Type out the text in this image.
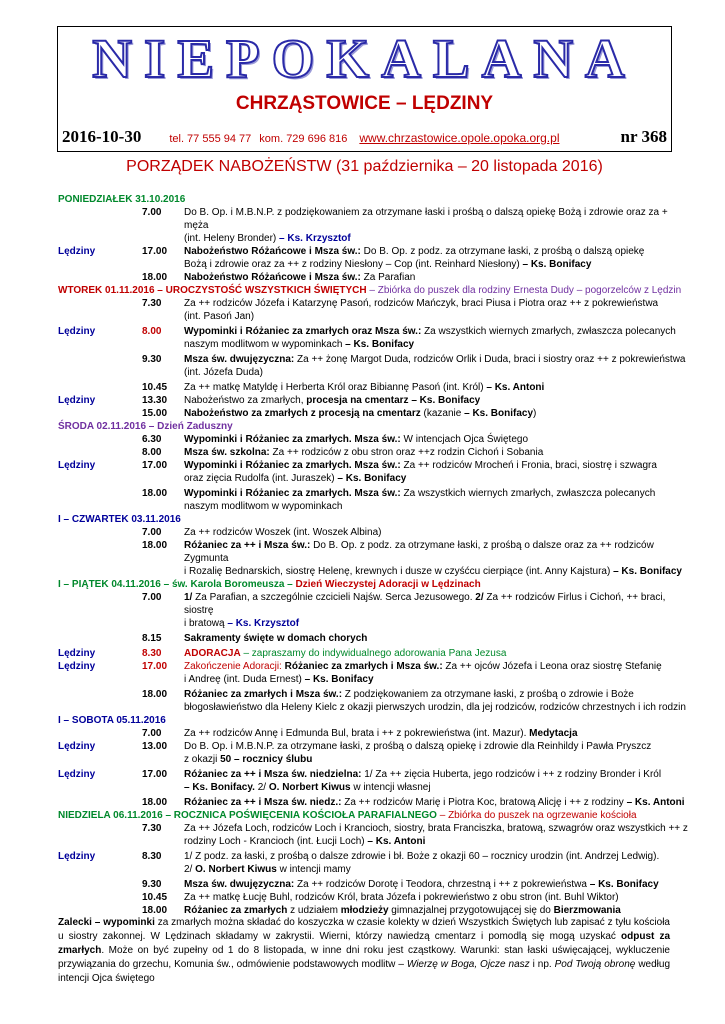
NIEPOKALANA
CHRZĄSTOWICE – LĘDZINY
2016-10-30	tel. 77 555 94 77 kom. 729 696 816 www.chrzastowice.opole.opoka.org.pl	nr 368
PORZĄDEK NABOŻEŃSTW (31 października – 20 listopada 2016)
PONIEDZIAŁEK 31.10.2016
7.00	Do B. Op. i M.B.N.P. z podziękowaniem za otrzymane łaski i prośbą o dalszą opiekę Bożą i zdrowie oraz za + męża
(int. Heleny Bronder) – Ks. Krzysztof
Lędziny	17.00	Nabożeństwo Różańcowe i Msza św.: Do B. Op. z podz. za otrzymane łaski, z prośbą o dalszą opiekę
Bożą i zdrowie oraz za ++ z rodziny Niesłony – Cop (int. Reinhard Niesłony) – Ks. Bonifacy
18.00	Nabożeństwo Różańcowe i Msza św.: Za Parafian
WTOREK 01.11.2016 – UROCZYSTOŚĆ WSZYSTKICH ŚWIĘTYCH – Zbiórka do puszek dla rodziny Ernesta Dudy – pogorzelców z Lędzin
7.30	Za ++ rodziców Józefa i Katarzynę Pasoń, rodziców Mańczyk, braci Piusa i Piotra oraz ++ z pokrewieństwa
(int. Pasoń Jan)
Lędziny	8.00	Wypominki i Różaniec za zmarłych oraz Msza św.: Za wszystkich wiernych zmarłych, zwłaszcza polecanych
naszym modlitwom w wypominkach – Ks. Bonifacy
9.30	Msza św. dwujęzyczna: Za ++ żonę Margot Duda, rodziców Orlik i Duda, braci i siostry oraz ++ z pokrewieństwa
(int. Józefa Duda)
10.45	Za ++ matkę Matyldę i Herberta Król oraz Bibiannę Pasoń (int. Król) – Ks. Antoni
Lędziny	13.30	Nabożeństwo za zmarłych, procesja na cmentarz – Ks. Bonifacy
15.00	Nabożeństwo za zmarłych z procesją na cmentarz (kazanie – Ks. Bonifacy)
ŚRODA 02.11.2016 – Dzień Zaduszny
6.30	Wypominki i Różaniec za zmarłych. Msza św.: W intencjach Ojca Świętego
8.00	Msza św. szkolna: Za ++ rodziców z obu stron oraz ++z rodzin Cichoń i Sobania
Lędziny	17.00	Wypominki i Różaniec za zmarłych. Msza św.: Za ++ rodziców Mrocheń i Fronia, braci, siostrę i szwagra
oraz zięcia Rudolfa (int. Juraszek) – Ks. Bonifacy
18.00	Wypominki i Różaniec za zmarłych. Msza św.: Za wszystkich wiernych zmarłych, zwłaszcza polecanych
naszym modlitwom w wypominkach
I – CZWARTEK 03.11.2016
7.00	Za ++ rodziców Woszek (int. Woszek Albina)
18.00	Różaniec za ++ i Msza św.: Do B. Op. z podz. za otrzymane łaski, z prośbą o dalsze oraz za ++ rodziców Zygmunta
i Rozalię Bednarskich, siostrę Helenę, krewnych i dusze w czyśćcu cierpiące (int. Anny Kajstura) – Ks. Bonifacy
I – PIĄTEK 04.11.2016 – św. Karola Boromeusza – Dzień Wieczystej Adoracji w Lędzinach
7.00	1/ Za Parafian, a szczególnie czcicieli Najśw. Serca Jezusowego. 2/ Za ++ rodziców Firlus i Cichoń, ++ braci, siostrę
i bratową – Ks. Krzysztof
8.15	Sakramenty święte w domach chorych
Lędziny	8.30	ADORACJA – zapraszamy do indywidualnego adorowania Pana Jezusa
Lędziny	17.00	Zakończenie Adoracji: Różaniec za zmarłych i Msza św.: Za ++ ojców Józefa i Leona oraz siostrę Stefanię
i Andreę (int. Duda Ernest) – Ks. Bonifacy
18.00	Różaniec za zmarłych i Msza św.: Z podziękowaniem za otrzymane łaski, z prośbą o zdrowie i Boże
błogosławieństwo dla Heleny Kielc z okazji pierwszych urodzin, dla jej rodziców, rodziców chrzestnych i ich rodzin
I – SOBOTA 05.11.2016
7.00	Za ++ rodziców Annę i Edmunda Bul, brata i ++ z pokrewieństwa (int. Mazur). Medytacja
Lędziny	13.00	Do B. Op. i M.B.N.P. za otrzymane łaski, z prośbą o dalszą opiekę i zdrowie dla Reinhildy i Pawła Pryszcz
z okazji 50 – rocznicy ślubu
Lędziny	17.00	Różaniec za ++ i Msza św. niedzielna: 1/ Za ++ zięcia Huberta, jego rodziców i ++ z rodziny Bronder i Król
– Ks. Bonifacy. 2/ O. Norbert Kiwus w intencji własnej
18.00	Różaniec za ++ i Msza św. niedz.: Za ++ rodziców Marię i Piotra Koc, bratową Alicję i ++ z rodziny – Ks. Antoni
NIEDZIELA 06.11.2016 – ROCZNICA POŚWIĘCENIA KOŚCIOŁA PARAFIALNEGO – Zbiórka do puszek na ogrzewanie kościoła
7.30	Za ++ Józefa Loch, rodziców Loch i Krancioch, siostry, brata Franciszka, bratową, szwagrów oraz wszystkich ++ z
rodziny Loch - Krancioch (int. Łucji Loch) – Ks. Antoni
Lędziny	8.30	1/ Z podz. za łaski, z prośbą o dalsze zdrowie i bł. Boże z okazji 60 – rocznicy urodzin (int. Andrzej Ledwig).
2/ O. Norbert Kiwus w intencji mamy
9.30	Msza św. dwujęzyczna: Za ++ rodziców Dorotę i Teodora, chrzestną i ++ z pokrewieństwa – Ks. Bonifacy
10.45	Za ++ matkę Łucję Buhl, rodziców Król, brata Józefa i pokrewieństwo z obu stron (int. Buhl Wiktor)
18.00	Różaniec za zmarłych z udziałem młodzieży gimnazjalnej przygotowującej się do Bierzmowania
Zalecki – wypominki za zmarłych można składać do koszyczka w czasie kolekty w dzień Wszystkich Świętych lub zapisać z tyłu kościoła u siostry zakonnej. W Lędzinach składamy w zakrystii. Wierni, którzy nawiedzą cmentarz i pomodlą się mogą uzyskać odpust za zmarłych. Może on być zupełny od 1 do 8 listopada, w inne dni roku jest cząstkowy. Warunki: stan łaski uświęcającej, wykluczenie przywiązania do grzechu, Komunia św., odmówienie podstawowych modlitw – Wierzę w Boga, Ojcze nasz i np. Pod Twoją obronę według intencji Ojca świętego
